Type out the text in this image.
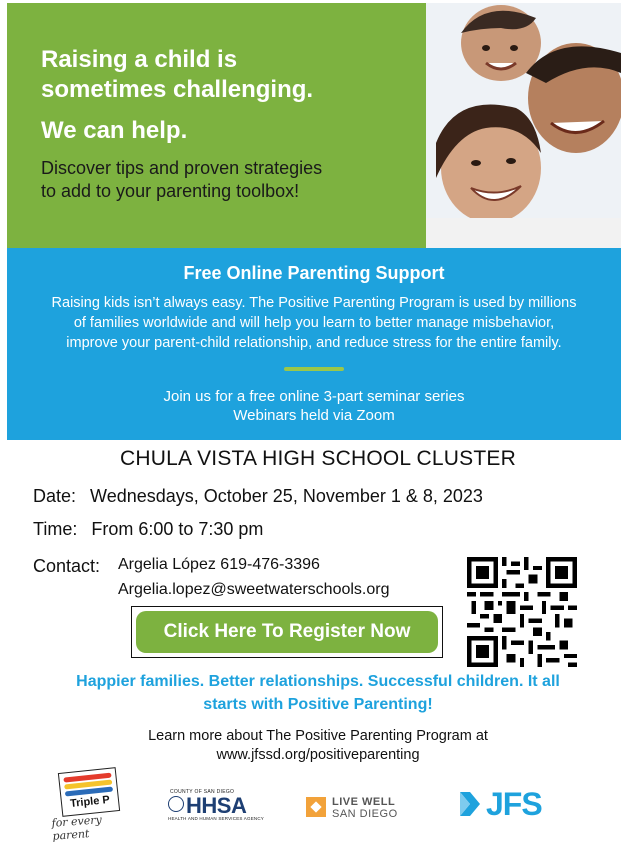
Raising a child is
sometimes challenging.
We can help.
Discover tips and proven strategies
to add to your parenting toolbox!
Free Online Parenting Support
Raising kids isn’t always easy. The Positive Parenting Program is used by millions
of families worldwide and will help you learn to better manage misbehavior,
improve your parent-child relationship, and reduce stress for the entire family.
Join us for a free online 3-part seminar series
Webinars held via Zoom
CHULA VISTA HIGH SCHOOL CLUSTER
Date: Wednesdays, October 25, November 1 & 8, 2023
Time: From 6:00 to 7:30 pm
Contact: Argelia López 619-476-3396
Argelia.lopez@sweetwaterschools.org
Click Here To Register Now
Happier families. Better relationships. Successful children. It all
starts with Positive Parenting!
Learn more about The Positive Parenting Program at
www.jfssd.org/positiveparenting
Triple P
for every parent
COUNTY OF SAN DIEGO
HHSA
HEALTH AND HUMAN SERVICES AGENCY
LIVE WELL
SAN DIEGO	JFS
